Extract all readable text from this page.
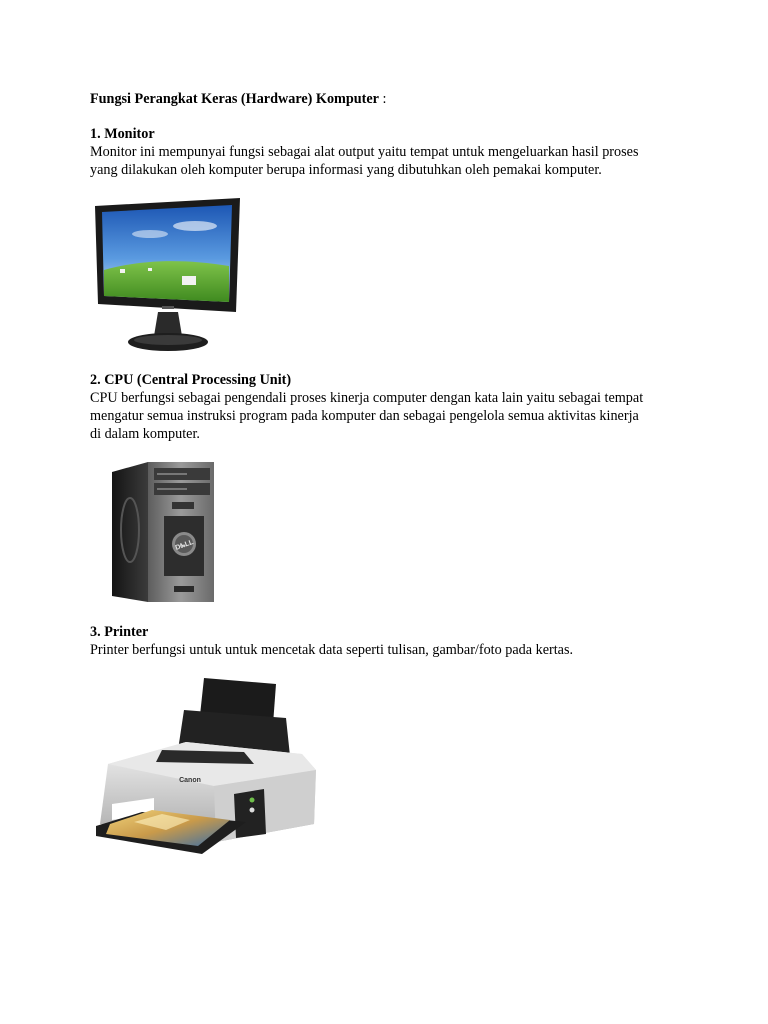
Fungsi Perangkat Keras (Hardware) Komputer :
1. Monitor
Monitor ini mempunyai fungsi sebagai alat output yaitu tempat untuk mengeluarkan hasil proses
yang dilakukan oleh komputer berupa informasi yang dibutuhkan oleh pemakai komputer.
2. CPU (Central Processing Unit)
CPU berfungsi sebagai pengendali proses kinerja computer dengan kata lain yaitu sebagai tempat
mengatur semua instruksi program pada komputer dan sebagai pengelola semua aktivitas kinerja
di dalam komputer.
DⰈLL
3. Printer
Printer berfungsi untuk untuk mencetak data seperti tulisan, gambar/foto pada kertas.
Canon
